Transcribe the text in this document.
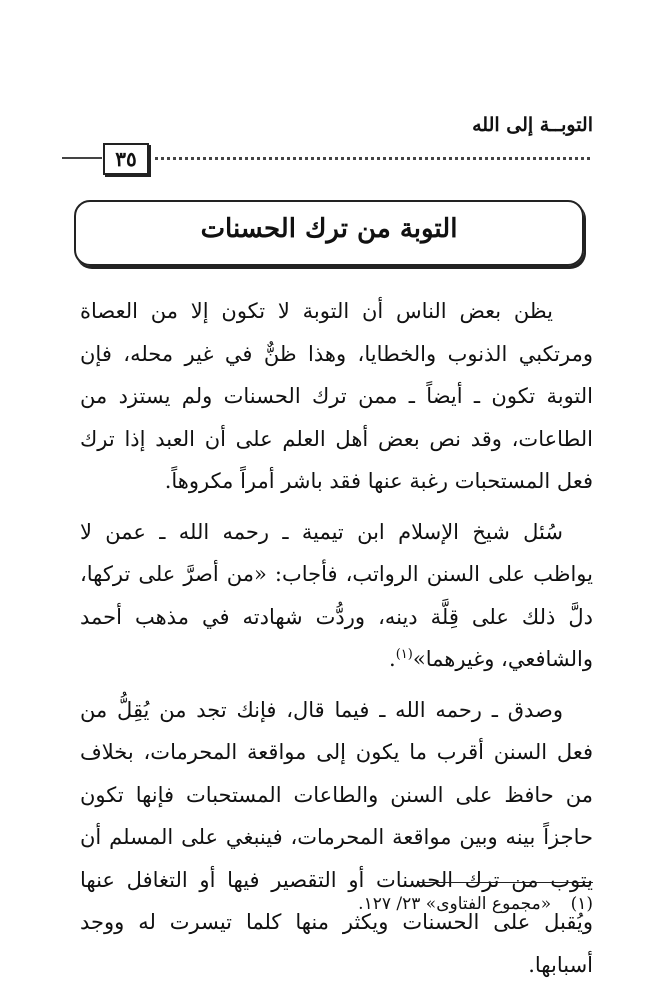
التوبــة إلى الله
٣٥
التوبة من ترك الحسنات

يظن بعض الناس أن التوبة لا تكون إلا من العصاة ومرتكبي الذنوب والخطايا، وهذا ظنٌّ في غير محله، فإن التوبة تكون ـ أيضاً ـ ممن ترك الحسنات ولم يستزد من الطاعات، وقد نص بعض أهل العلم على أن العبد إذا ترك فعل المستحبات رغبة عنها فقد باشر أمراً مكروهاً.

سُئل شيخ الإسلام ابن تيمية ـ رحمه الله ـ عمن لا يواظب على السنن الرواتب، فأجاب: «من أصرَّ على تركها، دلَّ ذلك على قِلَّة دينه، وردُّت شهادته في مذهب أحمد والشافعي، وغيرهما»$^{(١)}$.

وصدق ـ رحمه الله ـ فيما قال، فإنك تجد من يُقِلُّ من فعل السنن أقرب ما يكون إلى مواقعة المحرمات، بخلاف من حافظ على السنن والطاعات المستحبات فإنها تكون حاجزاً بينه وبين مواقعة المحرمات، فينبغي على المسلم أن يتوب من ترك الحسنات أو التقصير فيها أو التغافل عنها ويُقبل على الحسنات ويكثر منها كلما تيسرت له ووجد أسبابها.

(١) «مجموع الفتاوى» ٢٣/ ١٢٧.
